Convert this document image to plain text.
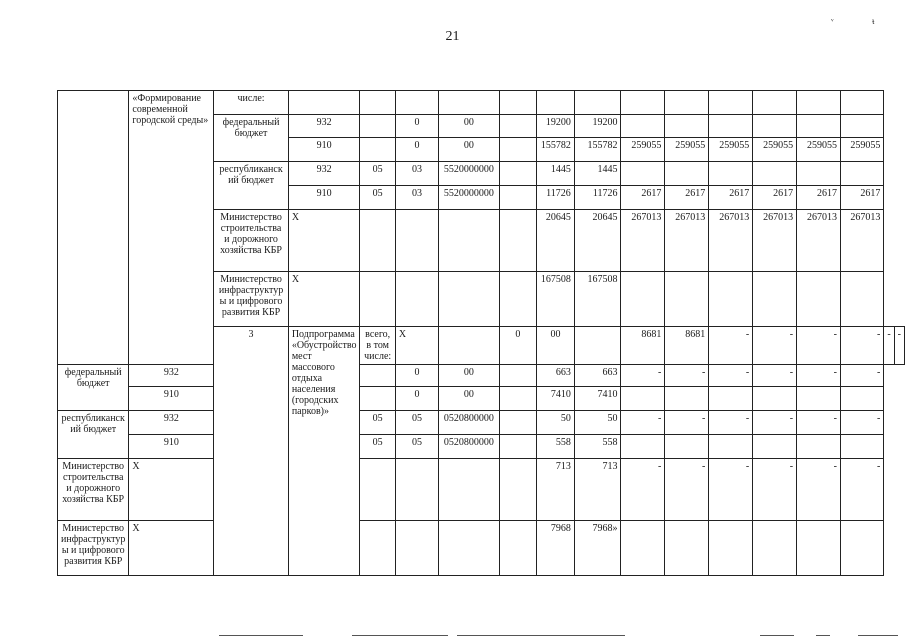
21
ᵛ	ᵼ
	«Формирование современной городской среды»	числе:															
		федеральный бюджет	932		0	00		19200	19200								
			910		0	00		155782	155782	259055	259055	259055	259055	259055	259055		
		республиканск ий бюджет	932	05	03	5520000000		1445	1445								
			910	05	03	5520000000		11726	11726	2617	2617	2617	2617	2617	2617		
		Министерство строительства и дорожного хозяйства КБР	Х					20645	20645	267013	267013	267013	267013	267013	267013		
		Министерство инфраструктур ы и цифрового развития КБР	Х					167508	167508								
		3	Подпрограмма «Обустройство мест массового отдыха населения (городских парков)»	всего, в том числе:	Х		0	00		8681	8681	-	-	-	-	-	-
федеральный бюджет	932				0	00		663	663	-	-	-	-	-	-		
	910				0	00		7410	7410								
республиканск ий бюджет	932			05	05	0520800000		50	50	-	-	-	-	-	-		
	910			05	05	0520800000		558	558								
Министерство строительства и дорожного хозяйства КБР	Х							713	713	-	-	-	-	-	-		
Министерство инфраструктур ы и цифрового развития КБР	Х							7968	7968»								
